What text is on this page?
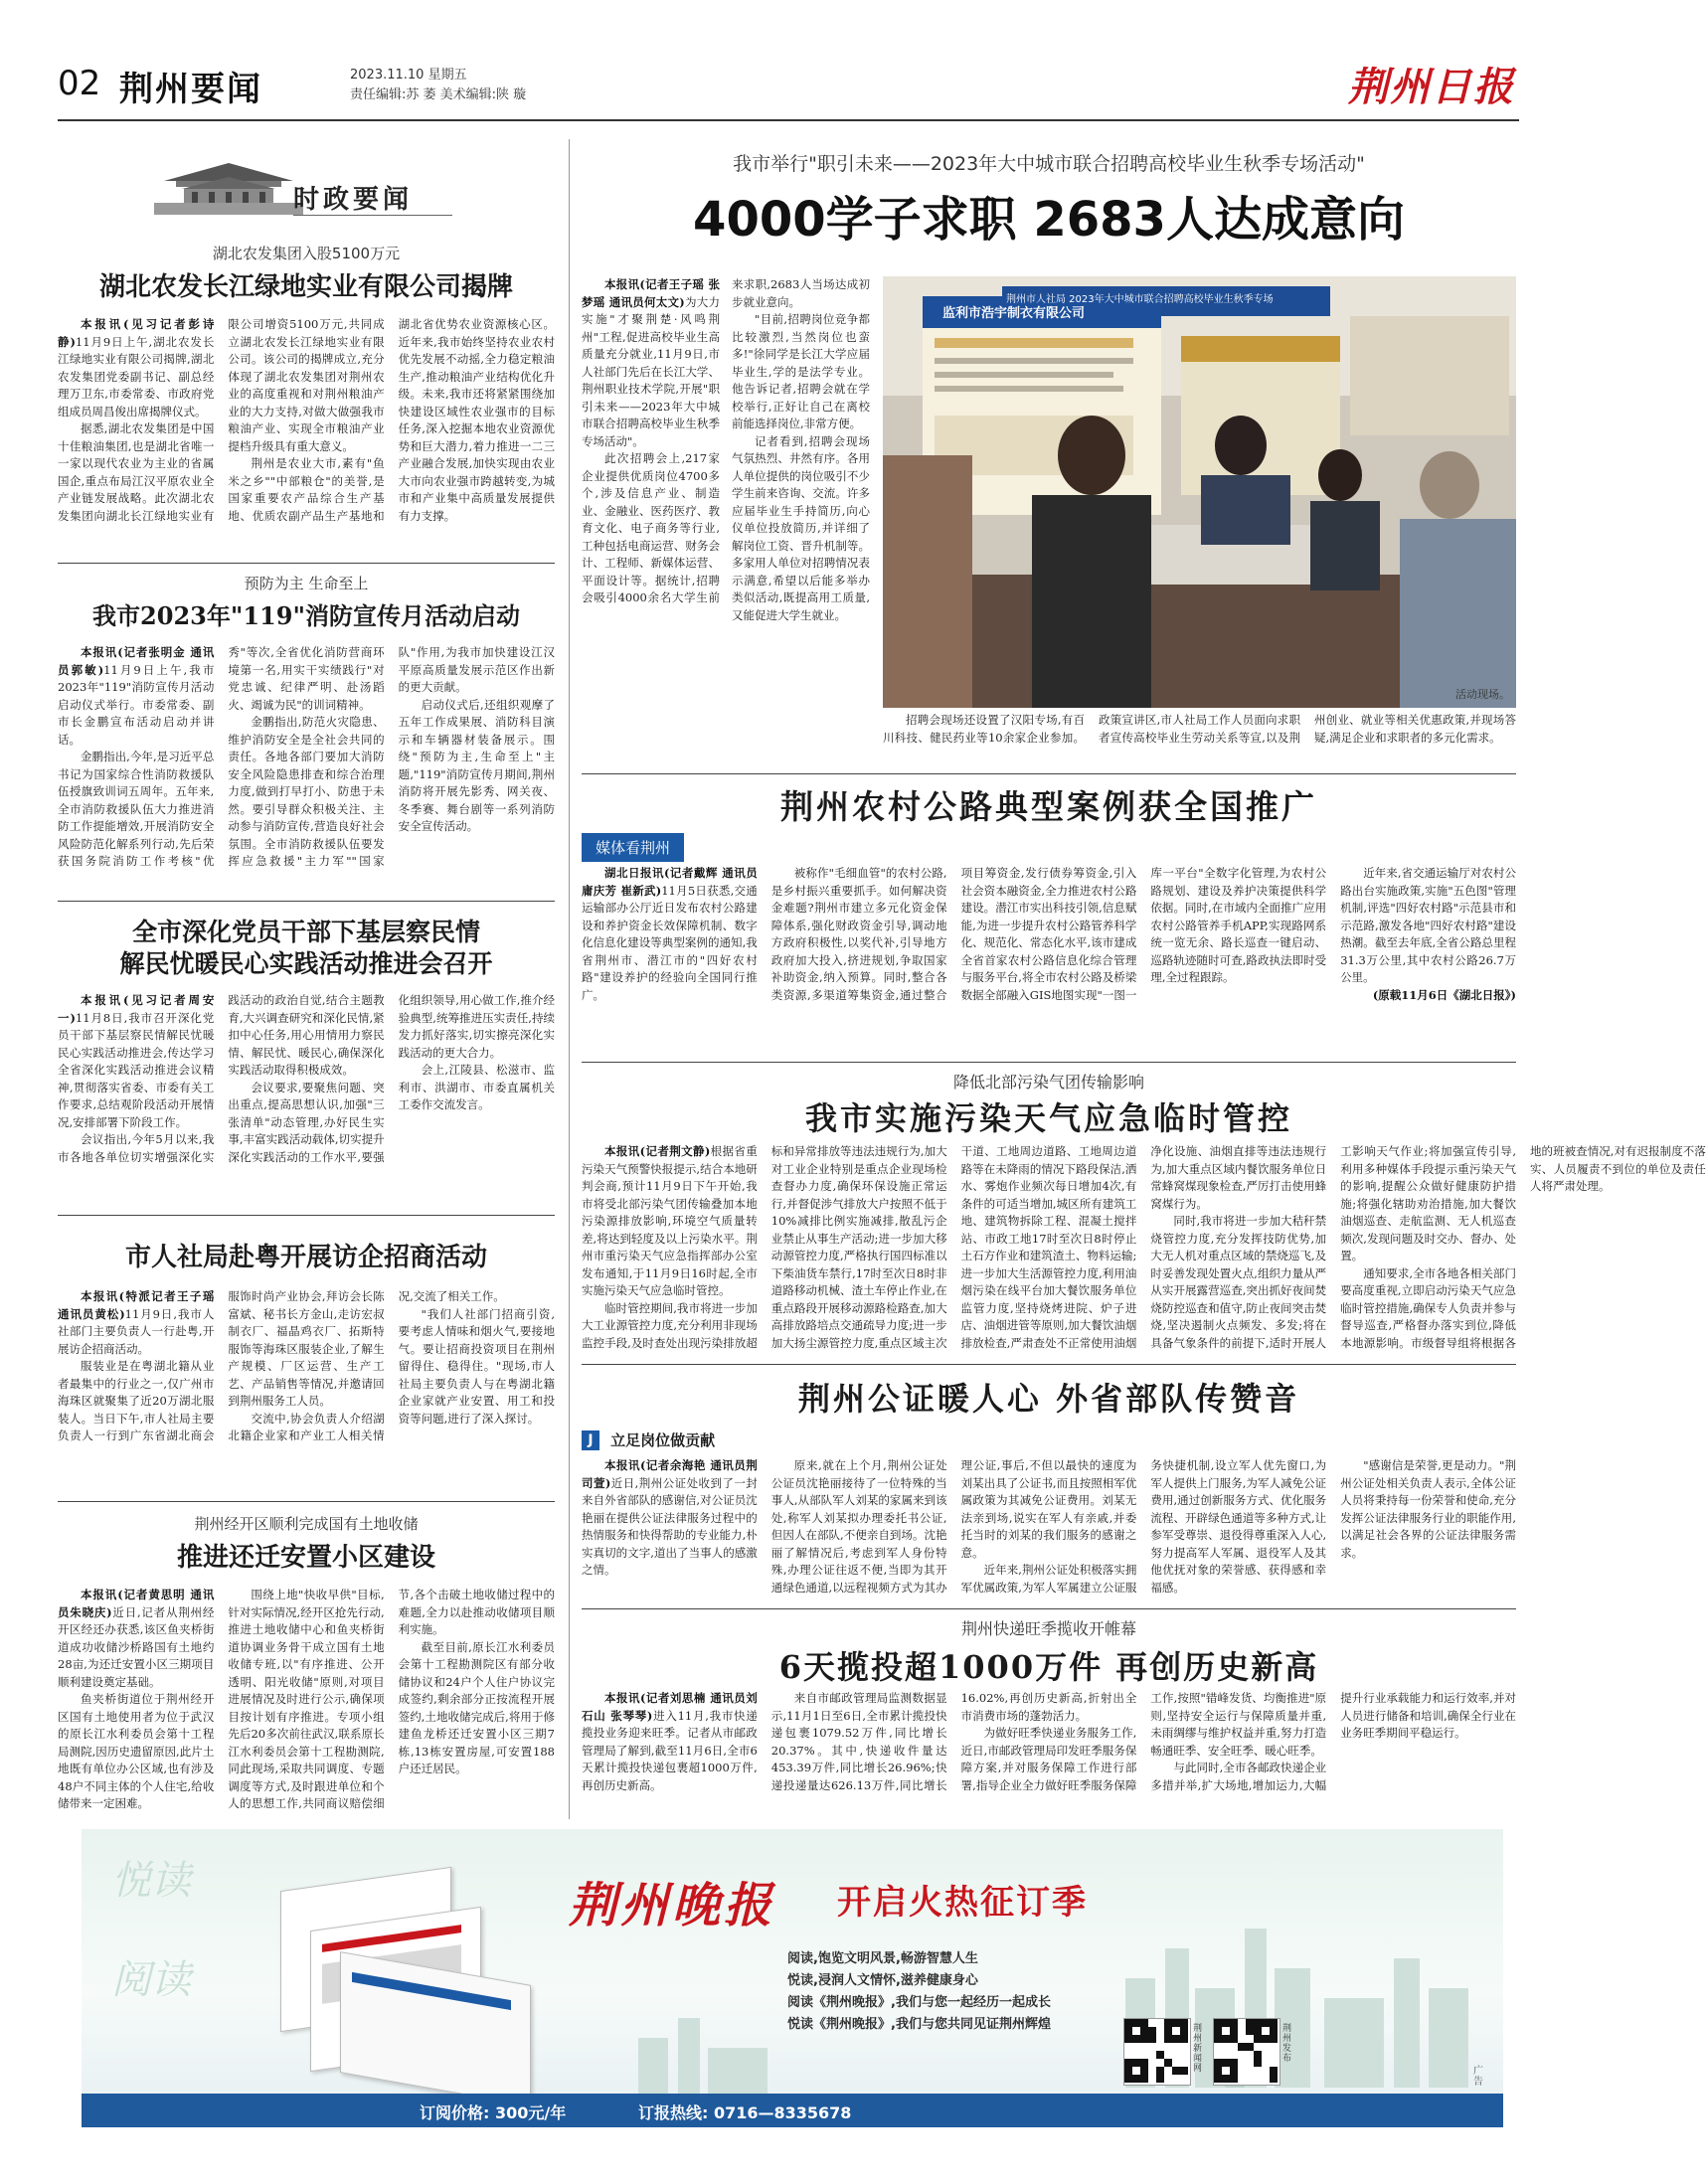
02 荆州要闻	2023.11.10 星期五
责任编辑:苏 萎 美术编辑:陕 璇	荆州日报
时政要闻
湖北农发集团入股5100万元
湖北农发长江绿地实业有限公司揭牌

本报讯(见习记者彭诗静)11月9日上午,湖北农发长江绿地实业有限公司揭牌,湖北农发集团党委副书记、副总经理万卫东,市委常委、市政府党组成员周昌俊出席揭牌仪式。

据悉,湖北农发集团是中国十佳粮油集团,也是湖北省唯一一家以现代农业为主业的省属国企,重点布局江汉平原农业全产业链发展战略。此次湖北农发集团向湖北长江绿地实业有限公司增资5100万元,共同成立湖北农发长江绿地实业有限公司。该公司的揭牌成立,充分体现了湖北农发集团对荆州农业的高度重视和对荆州粮油产业的大力支持,对做大做强我市粮油产业、实现全市粮油产业提档升级具有重大意义。

荆州是农业大市,素有"鱼米之乡""中部粮仓"的美誉,是国家重要农产品综合生产基地、优质农副产品生产基地和湖北省优势农业资源核心区。近年来,我市始终坚持农业农村优先发展不动摇,全力稳定粮油生产,推动粮油产业结构优化升级。未来,我市还将紧紧围绕加快建设区域性农业强市的目标任务,深入挖掘本地农业资源优势和巨大潜力,着力推进一二三产业融合发展,加快实现由农业大市向农业强市跨越转变,为城市和产业集中高质量发展提供有力支撑。

预防为主 生命至上
我市2023年"119"消防宣传月活动启动

本报讯(记者张明金 通讯员郭敏)11月9日上午,我市2023年"119"消防宣传月活动启动仪式举行。市委常委、副市长金鹏宣布活动启动并讲话。

金鹏指出,今年,是习近平总书记为国家综合性消防救援队伍授旗致训词五周年。五年来,全市消防救援队伍大力推进消防工作提能增效,开展消防安全风险防范化解系列行动,先后荣获国务院消防工作考核"优秀"等次,全省优化消防营商环境第一名,用实干实绩践行"对党忠诚、纪律严明、赴汤蹈火、竭诚为民"的训词精神。

金鹏指出,防范火灾隐患、维护消防安全是全社会共同的责任。各地各部门要加大消防安全风险隐患排查和综合治理力度,做到打早打小、防患于未然。要引导群众积极关注、主动参与消防宣传,营造良好社会氛围。全市消防救援队伍要发挥应急救援"主力军""国家队"作用,为我市加快建设江汉平原高质量发展示范区作出新的更大贡献。

启动仪式后,还组织观摩了五年工作成果展、消防科目演示和车辆器材装备展示。围绕"预防为主,生命至上"主题,"119"消防宣传月期间,荆州消防将开展先影秀、网关夜、冬季赛、舞台剧等一系列消防安全宣传活动。

全市深化党员干部下基层察民情
解民忧暖民心实践活动推进会召开

本报讯(见习记者周安一)11月8日,我市召开深化党员干部下基层察民情解民忧暖民心实践活动推进会,传达学习全省深化实践活动推进会议精神,贯彻落实省委、市委有关工作要求,总结观阶段活动开展情况,安排部署下阶段工作。

会议指出,今年5月以来,我市各地各单位切实增强深化实践活动的政治自觉,结合主题教育,大兴调查研究和深化民情,紧扣中心任务,用心用情用力察民情、解民忧、暖民心,确保深化实践活动取得积极成效。

会议要求,要聚焦问题、突出重点,提高思想认识,加强"三张清单"动态管理,办好民生实事,丰富实践活动载体,切实提升深化实践活动的工作水平,要强化组织领导,用心做工作,推介经验典型,统筹推进压实责任,持续发力抓好落实,切实擦亮深化实践活动的更大合力。

会上,江陵县、松滋市、监利市、洪湖市、市委直属机关工委作交流发言。

市人社局赴粤开展访企招商活动

本报讯(特派记者王子瑶 通讯员黄松)11月9日,我市人社部门主要负责人一行赴粤,开展访企招商活动。

服装业是在粤湖北籍从业者最集中的行业之一,仅广州市海珠区就聚集了近20万湖北服装人。当日下午,市人社局主要负责人一行到广东省湖北商会服饰时尚产业协会,拜访会长陈富斌、秘书长方金山,走访宏叔制衣厂、福晶鸡衣厂、拓斯特服饰等海珠区服装企业,了解生产规模、厂区运营、生产工艺、产品销售等情况,并邀请回到荆州服务工人员。

交流中,协会负责人介绍湖北籍企业家和产业工人相关情况,交流了相关工作。

"我们人社部门招商引资,要考虑人情味和烟火气,要接地气。要让招商投资项目在荆州留得住、稳得住。"现场,市人社局主要负责人与在粤湖北籍企业家就产业安置、用工和投资等问题,进行了深入探讨。

荆州经开区顺利完成国有土地收储
推进还迁安置小区建设

本报讯(记者黄思明 通讯员朱晓庆)近日,记者从荆州经开区经还办获悉,该区鱼夹桥街道成功收储沙桥路国有土地约28亩,为还迁安置小区三期项目顺利建设奠定基础。

鱼夹桥街道位于荆州经开区国有土地使用者为位于武汉的原长江水利委员会第十工程局测院,因历史遗留原因,此片土地既有单位办公区域,也有涉及48户不同主体的个人住宅,给收储带来一定困难。

围绕上地"快收早供"目标,针对实际情况,经开区抢先行动,推进土地收储中心和鱼夹桥街道协调业务骨干成立国有土地收储专班,以"有序推进、公开透明、阳光收储"原则,对项目进展情况及时进行公示,确保项目按计划有序推进。专项小组先后20多次前往武汉,联系原长江水利委员会第十工程勘测院,同此现场,采取共同调度、专题调度等方式,及时跟进单位和个人的思想工作,共同商议赔偿细节,各个击破土地收储过程中的难题,全力以赴推动收储项目顺利实施。

截至目前,原长江水利委员会第十工程勘测院区有部分收储协议和24户个人住户协议完成签约,剩余部分正按流程开展签约,土地收储完成后,将用于修建鱼龙桥还迁安置小区三期7栋,13栋安置房屋,可安置188户还迁居民。

我市举行"职引未来——2023年大中城市联合招聘高校毕业生秋季专场活动"
4000学子求职 2683人达成意向

本报讯(记者王子瑶 张梦瑶 通讯员何太文)为大力实施"才聚荆楚·风鸣荆州"工程,促进高校毕业生高质量充分就业,11月9日,市人社部门先后在长江大学、荆州职业技术学院,开展"职引未来——2023年大中城市联合招聘高校毕业生秋季专场活动"。

此次招聘会上,217家企业提供优质岗位4700多个,涉及信息产业、制造业、金融业、医药医疗、教育文化、电子商务等行业,工种包括电商运营、财务会计、工程师、新媒体运营、平面设计等。据统计,招聘会吸引4000余名大学生前来求职,2683人当场达成初步就业意向。

"目前,招聘岗位竞争都比较激烈,当然岗位也蛮多!"徐同学是长江大学应届毕业生,学的是法学专业。他告诉记者,招聘会就在学校举行,正好让自己在离校前能选择岗位,非常方便。

记者看到,招聘会现场气氛热烈、井然有序。各用人单位提供的岗位吸引不少学生前来咨询、交流。许多应届毕业生手持简历,向心仪单位投放简历,并详细了解岗位工资、晋升机制等。多家用人单位对招聘情况表示满意,希望以后能多举办类似活动,既提高用工质量,又能促进大学生就业。

监利市浩宇制衣有限公司
荆州市人社局 2023年大中城市联合招聘高校毕业生秋季专场
活动现场。

招聘会现场还设置了汉阳专场,有百川科技、健民药业等10余家企业参加。政策宣讲区,市人社局工作人员面向求职者宣传高校毕业生劳动关系等宣,以及荆州创业、就业等相关优惠政策,并现场答疑,满足企业和求职者的多元化需求。

荆州农村公路典型案例获全国推广
媒体看荆州

湖北日报讯(记者戴辉 通讯员庸庆芳 崔新武)11月5日获悉,交通运输部办公厅近日发布农村公路建设和养护资金长效保障机制、数字化信息化建设等典型案例的通知,我省荆州市、潜江市的"四好农村路"建设养护的经验向全国同行推广。

被称作"毛细血管"的农村公路,是乡村振兴重要抓手。如何解决资金难题?荆州市建立多元化资金保障体系,强化财政资金引导,调动地方政府积极性,以奖代补,引导地方政府加大投入,挤进规划,争取国家补助资金,纳入预算。同时,整合各类资源,多渠道筹集资金,通过整合项目筹资金,发行债券筹资金,引入社会资本融资金,全力推进农村公路建设。潜江市实出科技引领,信息赋能,为进一步提升农村公路管养科学化、规范化、常态化水平,该市建成全省首家农村公路信息化综合管理与服务平台,将全市农村公路及桥梁数据全部融入GIS地图实现"一图一库一平台"全数字化管理,为农村公路规划、建设及养护决策提供科学依据。同时,在市域内全面推广应用农村公路管养手机APP,实现路网系统一览无余、路长巡查一键启动、巡路轨迹随时可查,路政执法即时受理,全过程跟踪。

近年来,省交通运输厅对农村公路出台实施政策,实施"五色图"管理机制,评选"四好农村路"示范县市和示范路,激发各地"四好农村路"建设热潮。截至去年底,全省公路总里程31.3万公里,其中农村公路26.7万公里。

(原载11月6日《湖北日报》)

降低北部污染气团传输影响
我市实施污染天气应急临时管控

本报讯(记者荆文静)根据省重污染天气预警快报提示,结合本地研判会商,预计11月9日下午开始,我市将受北部污染气团传输叠加本地污染源排放影响,环境空气质量转差,将达到轻度及以上污染水平。荆州市重污染天气应急指挥部办公室发布通知,于11月9日16时起,全市实施污染天气应急临时管控。

临时管控期间,我市将进一步加大工业源管控力度,充分利用非现场监控手段,及时查处出现污染排放超标和异常排放等违法违规行为,加大对工业企业特别是重点企业现场检查督办力度,确保环保设施正常运行,并督促涉气排放大户按照不低于10%减排比例实施减排,散乱污企业禁止从事生产活动;进一步加大移动源管控力度,严格执行国四标准以下柴油货车禁行,17时至次日8时非道路移动机械、渣土车停止作业,在重点路段开展移动源路检路查,加大高排放路培点交通疏导力度;进一步加大扬尘源管控力度,重点区域主次干道、工地周边道路、工地周边道路等在未降雨的情况下路段保洁,洒水、雾炮作业频次每日增加4次,有条件的可适当增加,城区所有建筑工地、建筑物拆除工程、混凝土搅拌站、市政工地17时至次日8时停止土石方作业和建筑渣土、物料运输;进一步加大生活源管控力度,利用油烟污染在线平台加大餐饮服务单位监管力度,坚持烧烤进院、炉子进店、油烟进管等原则,加大餐饮油烟排放检查,严肃查处不正常使用油烟净化设施、油烟直排等违法违规行为,加大重点区域内餐饮服务单位日常蜂窝煤现象检查,严厉打击使用蜂窝煤行为。

同时,我市将进一步加大秸秆禁烧管控力度,充分发挥技防优势,加大无人机对重点区域的禁烧巡飞,及时妥善发现处置火点,组织力量从严从实开展露营巡查,突出抓好夜间焚烧防控巡查和值守,防止夜间突击焚烧,坚决遏制火点频发、多发;将在具备气象条件的前提下,适时开展人工影响天气作业;将加强宣传引导,利用多种媒体手段提示重污染天气的影响,提醒公众做好健康防护措施;将强化辖助劝治措施,加大餐饮油烟巡查、走航监测、无人机巡查频次,发现问题及时交办、督办、处置。

通知要求,全市各地各相关部门要高度重视,立即启动污染天气应急临时管控措施,确保专人负责并参与督导巡查,严格督办落实到位,降低本地源影响。市级督导组将根据各地的班被查情况,对有迟报制度不落实、人员履责不到位的单位及责任人将严肃处理。

荆州公证暖人心 外省部队传赞音
J 立足岗位做贡献

本报讯(记者余海艳 通讯员荆司萱)近日,荆州公证处收到了一封来自外省部队的感谢信,对公证员沈艳丽在提供公证法律服务过程中的热情服务和快得帮助的专业能力,朴实真切的文字,道出了当事人的感激之情。

原来,就在上个月,荆州公证处公证员沈艳丽接待了一位特殊的当事人,从部队军人刘某的家属来到该处,称军人刘某拟办理委托书公证,但因人在部队,不便亲自到场。沈艳丽了解情况后,考虑到军人身份特殊,办理公证往返不便,当即为其开通绿色通道,以远程视频方式为其办理公证,事后,不但以最快的速度为刘某出具了公证书,而且按照相军优属政策为其减免公证费用。刘某无法亲到场,说实在军人有亲戚,并委托当时的刘某的我们服务的感谢之意。

近年来,荆州公证处积极落实拥军优属政策,为军人军属建立公证服务快捷机制,设立军人优先窗口,为军人提供上门服务,为军人减免公证费用,通过创新服务方式、优化服务流程、开辟绿色通道等多种方式,让参军受尊崇、退役得尊重深入人心,努力提高军人军属、退役军人及其他优抚对象的荣誉感、获得感和幸福感。

"感谢信是荣誉,更是动力。"荆州公证处相关负责人表示,全体公证人员将秉持每一份荣誉和使命,充分发挥公证法律服务行业的职能作用,以满足社会各界的公证法律服务需求。

荆州快递旺季揽收开帷幕
6天揽投超1000万件 再创历史新高

本报讯(记者刘思楠 通讯员刘石山 张琴琴)进入11月,我市快递揽投业务迎来旺季。记者从市邮政管理局了解到,截至11月6日,全市6天累计揽投快递包裹超1000万件,再创历史新高。

来自市邮政管理局监测数据显示,11月1日至6日,全市累计揽投快递包裹1079.52万件,同比增长20.37%。其中,快递收件量达453.39万件,同比增长26.96%;快递投递量达626.13万件,同比增长16.02%,再创历史新高,折射出全市消费市场的蓬勃活力。

为做好旺季快递业务服务工作,近日,市邮政管理局印发旺季服务保障方案,并对服务保障工作进行部署,指导企业全力做好旺季服务保障工作,按照"错峰发货、均衡推进"原则,坚持安全运行与保障质量并重,未雨绸缪与维护权益并重,努力打造畅通旺季、安全旺季、暖心旺季。

与此同时,全市各邮政快递企业多措并举,扩大场地,增加运力,大幅提升行业承载能力和运行效率,并对人员进行储备和培训,确保全行业在业务旺季期间平稳运行。

悦读
阅读
荆州晚报 开启火热征订季
阅读,饱览文明风景,畅游智慧人生
悦读,浸润人文情怀,滋养健康身心
阅读《荆州晚报》,我们与您一起经历一起成长
悦读《荆州晚报》,我们与您共同见证荆州辉煌	荆州新闻网
荆州发布
广告
订阅价格: 300元/年	订报热线: 0716—8335678
